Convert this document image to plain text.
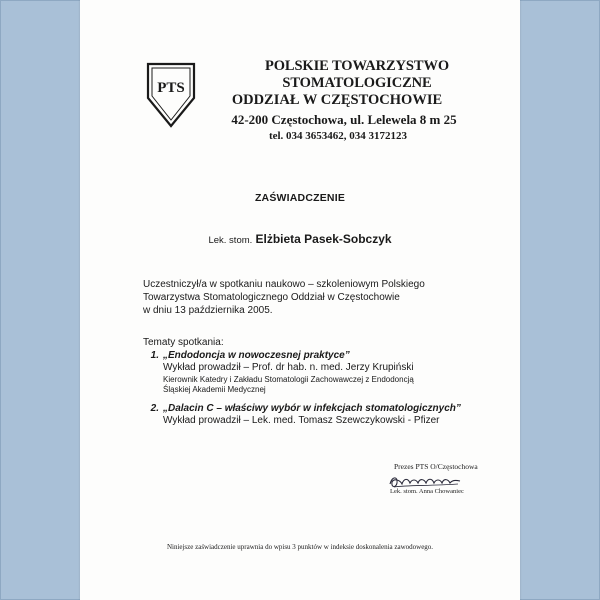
PTS
POLSKIE TOWARZYSTWO STOMATOLOGICZNE
ODDZIAŁ W CZĘSTOCHOWIE
42-200 Częstochowa, ul. Lelewela 8 m 25
tel. 034 3653462, 034 3172123
ZAŚWIADCZENIE
Lek. stom. Elżbieta Pasek-Sobczyk
Uczestniczył/a w spotkaniu naukowo – szkoleniowym Polskiego
Towarzystwa Stomatologicznego Oddział w Częstochowie
w dniu 13 października 2005.
Tematy spotkania:
1. „Endodoncja w nowoczesnej praktyce”
Wykład prowadził – Prof. dr hab. n. med. Jerzy Krupiński
Kierownik Katedry i Zakładu Stomatologii Zachowawczej z Endodoncją
Śląskiej Akademii Medycznej
2. „Dalacin C – właściwy wybór w infekcjach stomatologicznych”
Wykład prowadził – Lek. med. Tomasz Szewczykowski - Pfizer
Prezes PTS O/Częstochowa
Lek. stom. Anna Chowaniec
Niniejsze zaświadczenie uprawnia do wpisu 3 punktów w indeksie doskonalenia zawodowego.
